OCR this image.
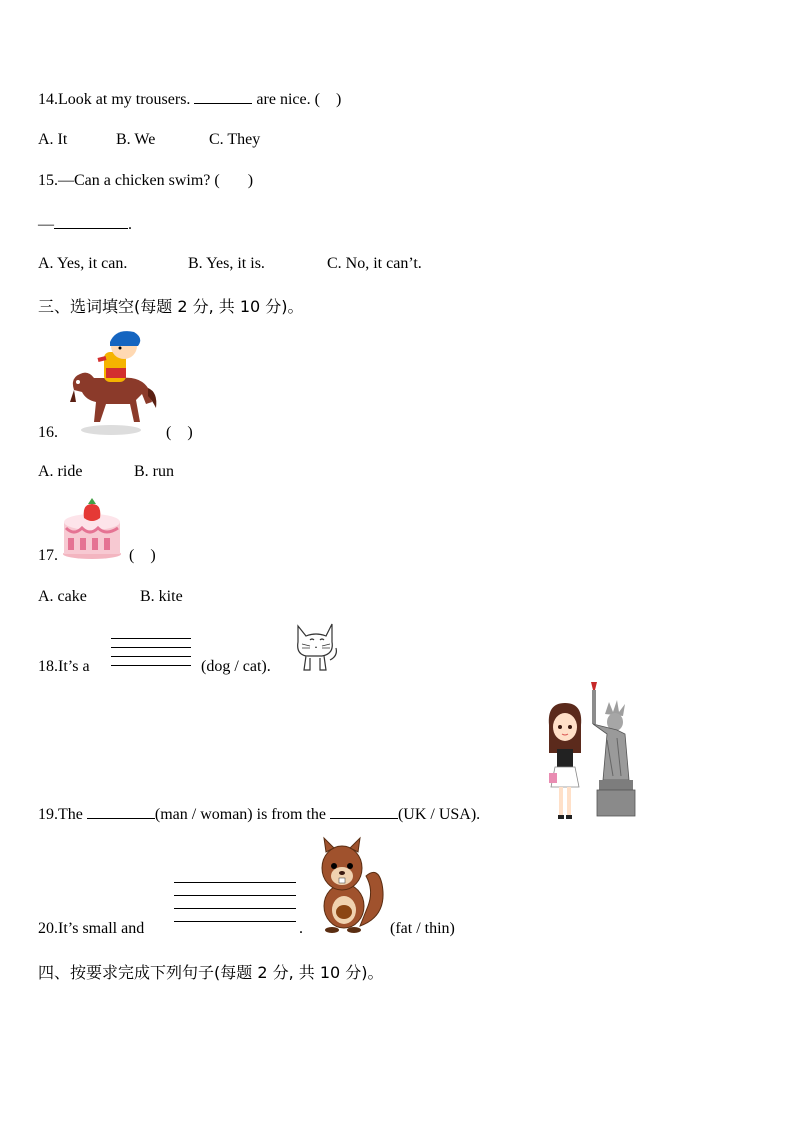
14.Look at my trousers.	are nice. (    )
A. It	B. We	C. They
15.—Can a chicken swim? (       )
—	.
A. Yes, it can.	B. Yes, it is.	C. No, it can’t.
三、选词填空(每题 2 分, 共 10 分)。
16.	(    )
A. ride	B. run
17.	(    )
A. cake	B. kite
18.It’s a	(dog / cat).
19.The	(man / woman) is from the	(UK / USA).
20.It’s small and	.	(fat / thin)
四、按要求完成下列句子(每题 2 分, 共 10 分)。
